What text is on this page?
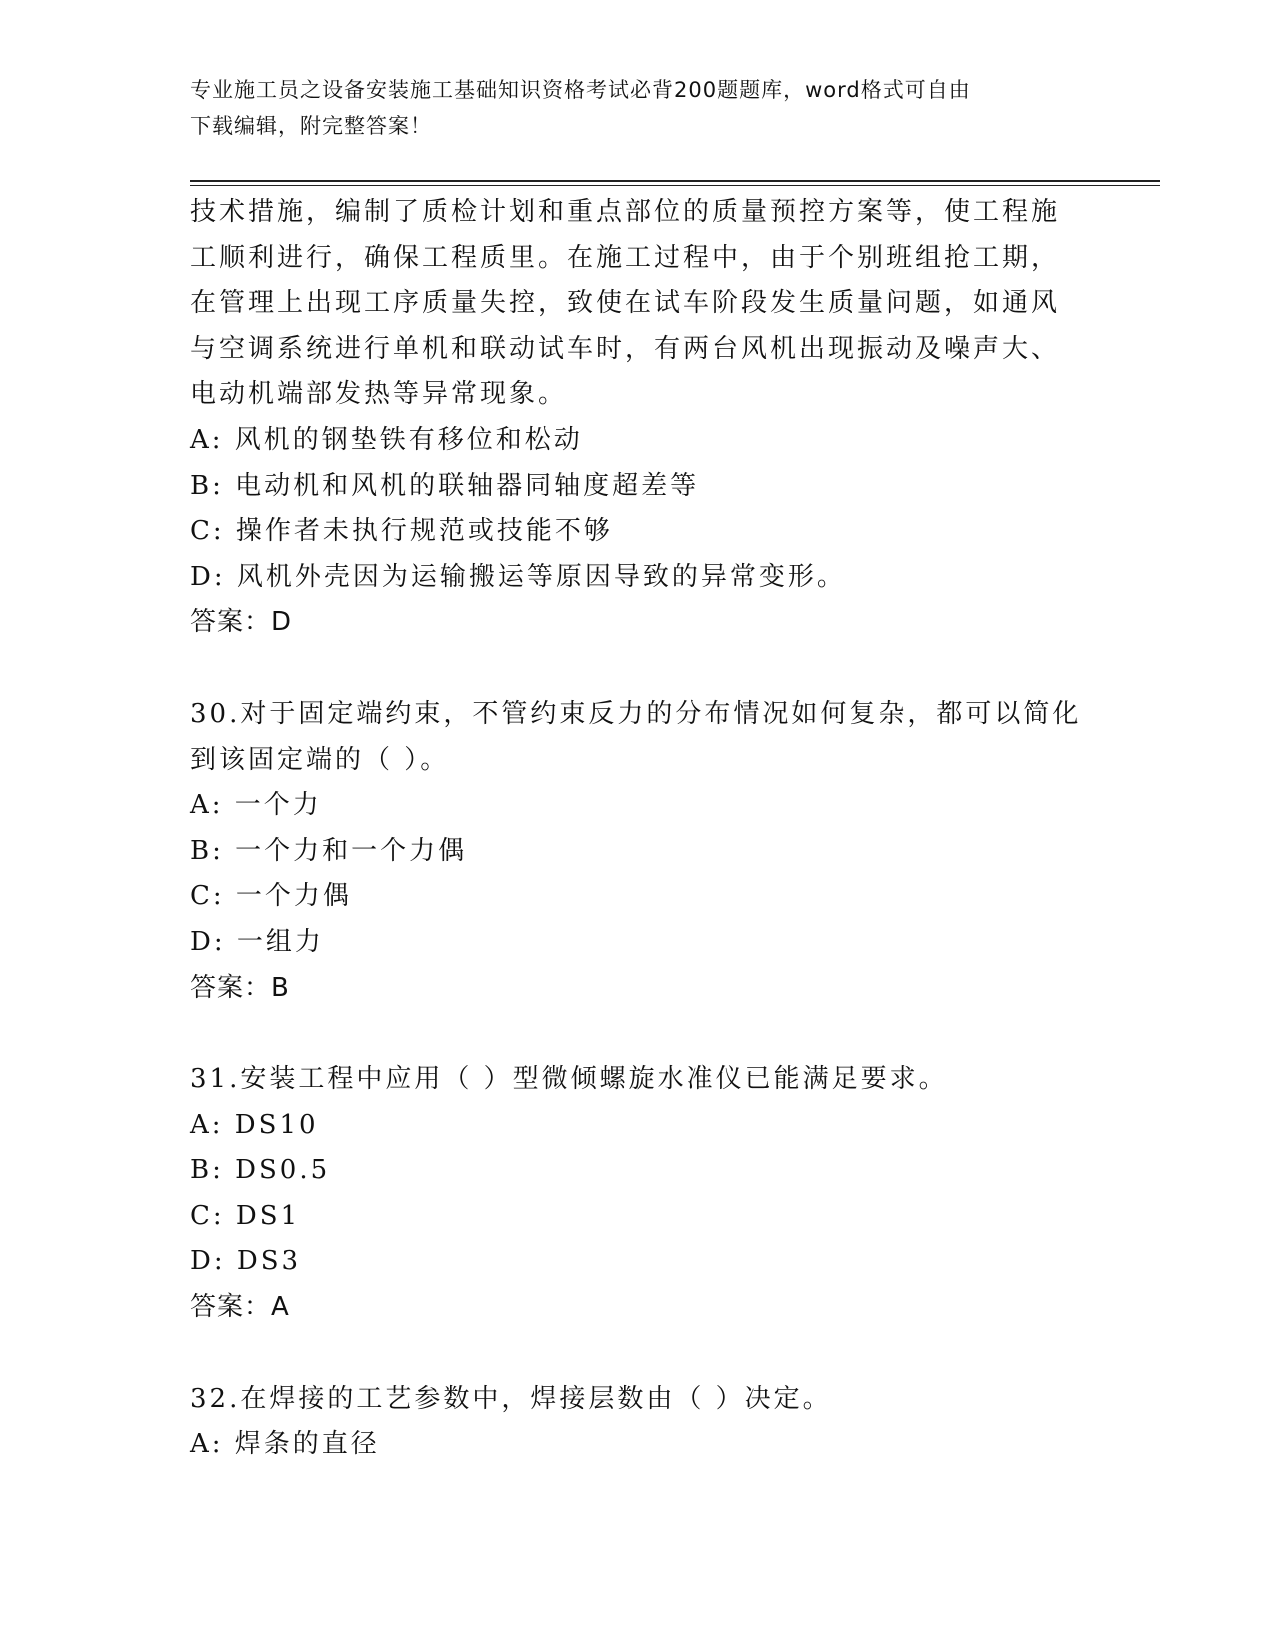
专业施工员之设备安装施工基础知识资格考试必背200题题库，word格式可自由
下载编辑，附完整答案！

技术措施，编制了质检计划和重点部位的质量预控方案等，使工程施

工顺利进行，确保工程质里。在施工过程中，由于个别班组抢工期，

在管理上出现工序质量失控，致使在试车阶段发生质量问题，如通风

与空调系统进行单机和联动试车时，有两台风机出现振动及噪声大、

电动机端部发热等异常现象。

A: 风机的钢垫铁有移位和松动

B: 电动机和风机的联轴器同轴度超差等

C: 操作者未执行规范或技能不够

D: 风机外壳因为运输搬运等原因导致的异常变形。

答案：D

30.对于固定端约束，不管约束反力的分布情况如何复杂，都可以简化

到该固定端的（ ）。

A: 一个力

B: 一个力和一个力偶

C: 一个力偶

D: 一组力

答案：B

31.安装工程中应用（ ）型微倾螺旋水准仪已能满足要求。

A: DS10

B: DS0.5

C: DS1

D: DS3

答案：A

32.在焊接的工艺参数中，焊接层数由（ ）决定。

A: 焊条的直径
